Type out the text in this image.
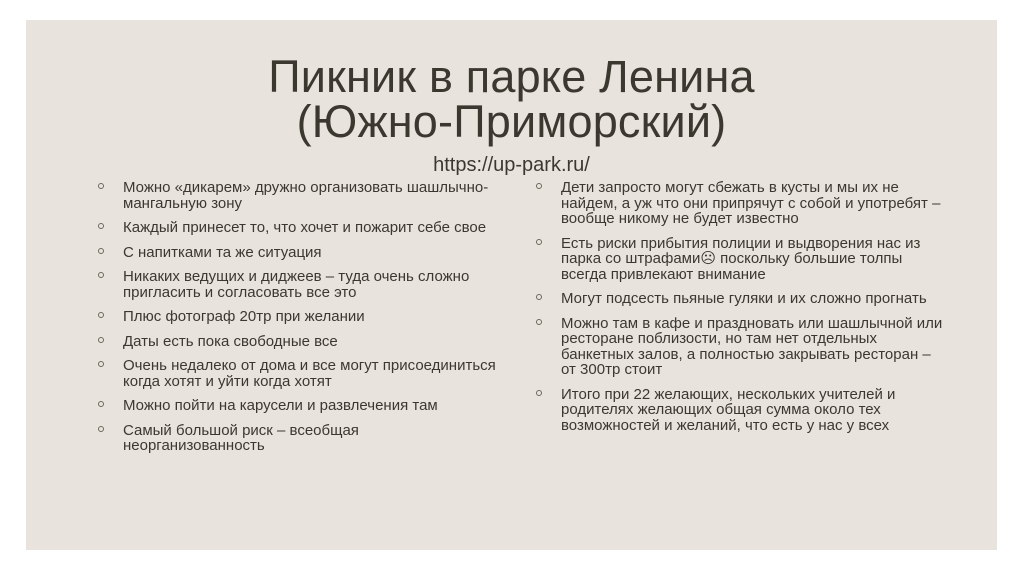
Пикник в парке Ленина
(Южно-Приморский)
https://up-park.ru/
Можно «дикарем» дружно организовать шашлычно-мангальную зону
Каждый принесет то, что хочет и пожарит себе свое
С напитками та же ситуация
Никаких ведущих и диджеев – туда очень сложно пригласить и согласовать все это
Плюс фотограф 20тр при желании
Даты есть пока свободные все
Очень недалеко от дома и все могут присоединиться когда хотят и уйти когда хотят
Можно пойти на карусели и развлечения там
Самый большой риск – всеобщая неорганизованность
Дети запросто могут сбежать в кусты и мы их не найдем, а уж что они припрячут с собой и употребят – вообще никому не будет известно
Есть риски прибытия полиции и выдворения нас из парка со штрафами☹ поскольку большие толпы всегда привлекают внимание
Могут подсесть пьяные гуляки и их сложно прогнать
Можно там в кафе и праздновать или шашлычной или ресторане поблизости, но там нет отдельных банкетных залов, а полностью закрывать ресторан – от 300тр стоит
Итого при 22 желающих, нескольких учителей и родителях желающих общая сумма около тех возможностей и желаний, что есть у нас у всех
